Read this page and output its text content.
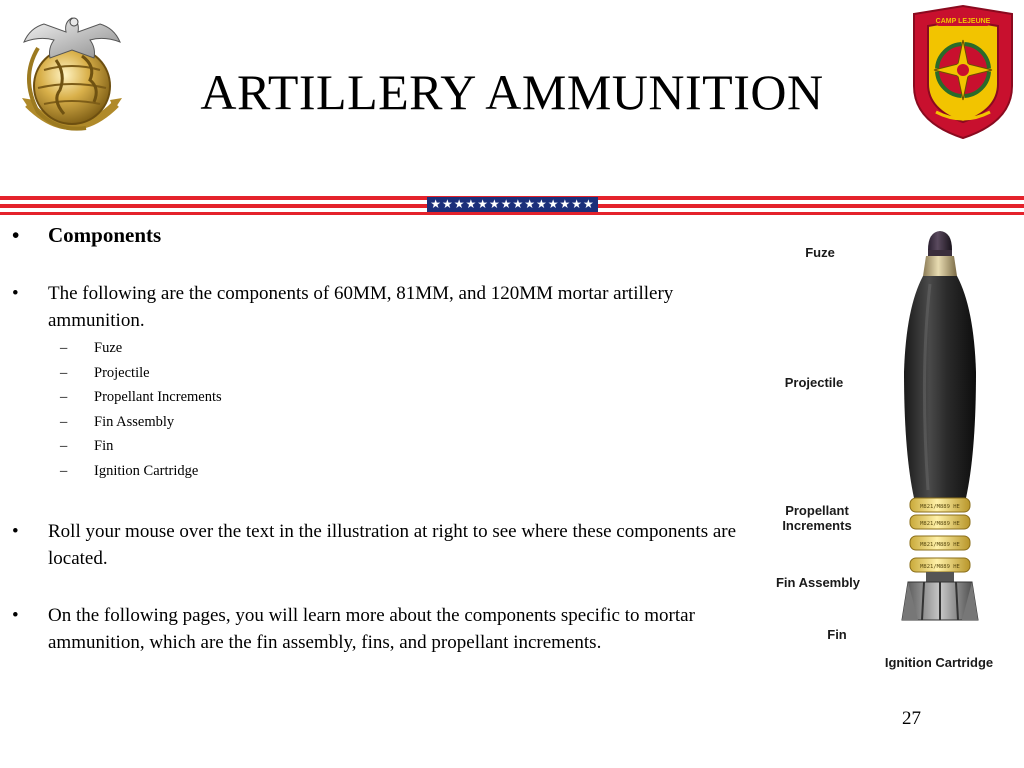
CAMP LEJEUNE
ARTILLERY AMMUNITION
★★★★★★★★★★★★★★
• Components
• The following are the components of 60MM, 81MM, and 120MM mortar artillery ammunition.
– Fuze
– Projectile
– Propellant Increments
– Fin Assembly
– Fin
– Ignition Cartridge
• Roll your mouse over the text in the illustration at right to see where these components are located.
• On the following pages, you will learn more about the components specific to mortar ammunition, which are the fin assembly, fins, and propellant increments.
M821/M889 HE
M821/M889 HE
M821/M889 HE
M821/M889 HE
Fuze
Projectile
Propellant
Increments
Fin Assembly
Fin
Ignition Cartridge
27
